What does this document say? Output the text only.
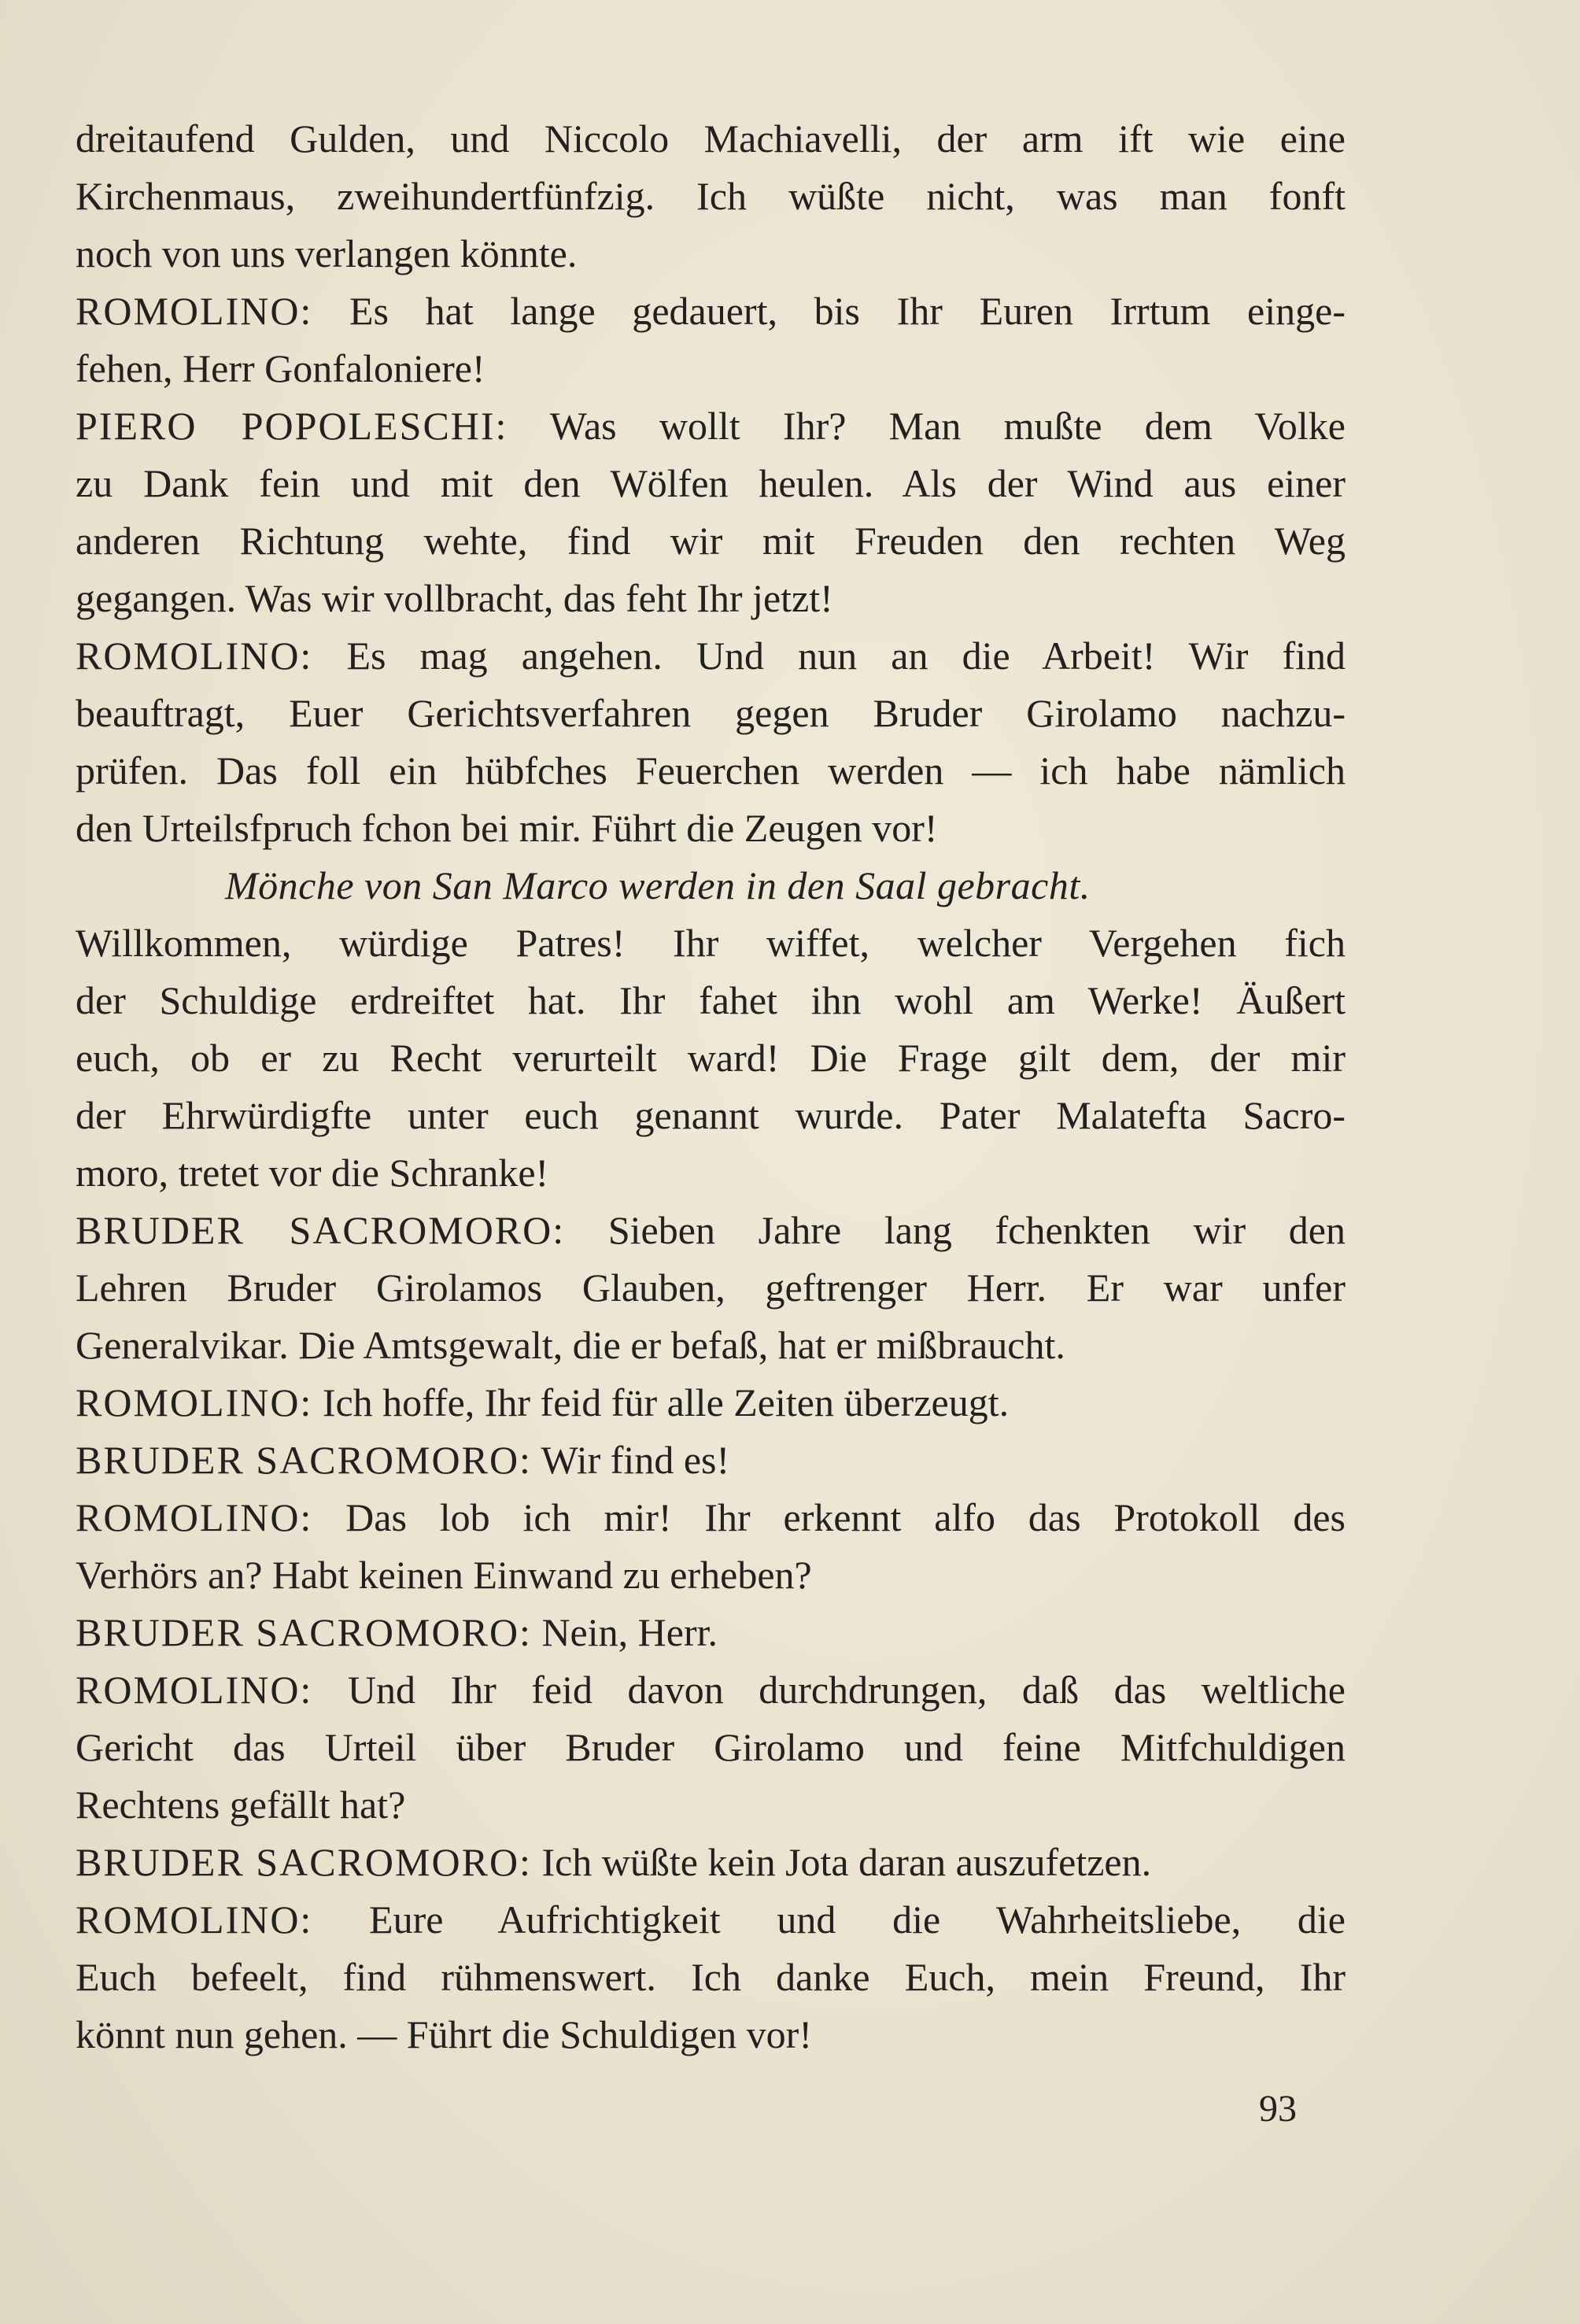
dreitaufend Gulden, und Niccolo Machiavelli, der arm ift wie eine
Kirchenmaus, zweihundertfünfzig. Ich wüßte nicht, was man fonft
noch von uns verlangen könnte.
ROMOLINO: Es hat lange gedauert, bis Ihr Euren Irrtum einge-
fehen, Herr Gonfaloniere!
PIERO POPOLESCHI: Was wollt Ihr? Man mußte dem Volke
zu Dank fein und mit den Wölfen heulen. Als der Wind aus einer
anderen Richtung wehte, find wir mit Freuden den rechten Weg
gegangen. Was wir vollbracht, das feht Ihr jetzt!
ROMOLINO: Es mag angehen. Und nun an die Arbeit! Wir find
beauftragt, Euer Gerichtsverfahren gegen Bruder Girolamo nachzu-
prüfen. Das foll ein hübfches Feuerchen werden — ich habe nämlich
den Urteilsfpruch fchon bei mir. Führt die Zeugen vor!
Mönche von San Marco werden in den Saal gebracht.
Willkommen, würdige Patres! Ihr wiffet, welcher Vergehen fich
der Schuldige erdreiftet hat. Ihr fahet ihn wohl am Werke! Äußert
euch, ob er zu Recht verurteilt ward! Die Frage gilt dem, der mir
der Ehrwürdigfte unter euch genannt wurde. Pater Malatefta Sacro-
moro, tretet vor die Schranke!
BRUDER SACROMORO: Sieben Jahre lang fchenkten wir den
Lehren Bruder Girolamos Glauben, geftrenger Herr. Er war unfer
Generalvikar. Die Amtsgewalt, die er befaß, hat er mißbraucht.
ROMOLINO: Ich hoffe, Ihr feid für alle Zeiten überzeugt.
BRUDER SACROMORO: Wir find es!
ROMOLINO: Das lob ich mir! Ihr erkennt alfo das Protokoll des
Verhörs an? Habt keinen Einwand zu erheben?
BRUDER SACROMORO: Nein, Herr.
ROMOLINO: Und Ihr feid davon durchdrungen, daß das weltliche
Gericht das Urteil über Bruder Girolamo und feine Mitfchuldigen
Rechtens gefällt hat?
BRUDER SACROMORO: Ich wüßte kein Jota daran auszufetzen.
ROMOLINO: Eure Aufrichtigkeit und die Wahrheitsliebe, die
Euch befeelt, find rühmenswert. Ich danke Euch, mein Freund, Ihr
könnt nun gehen. — Führt die Schuldigen vor!
93
